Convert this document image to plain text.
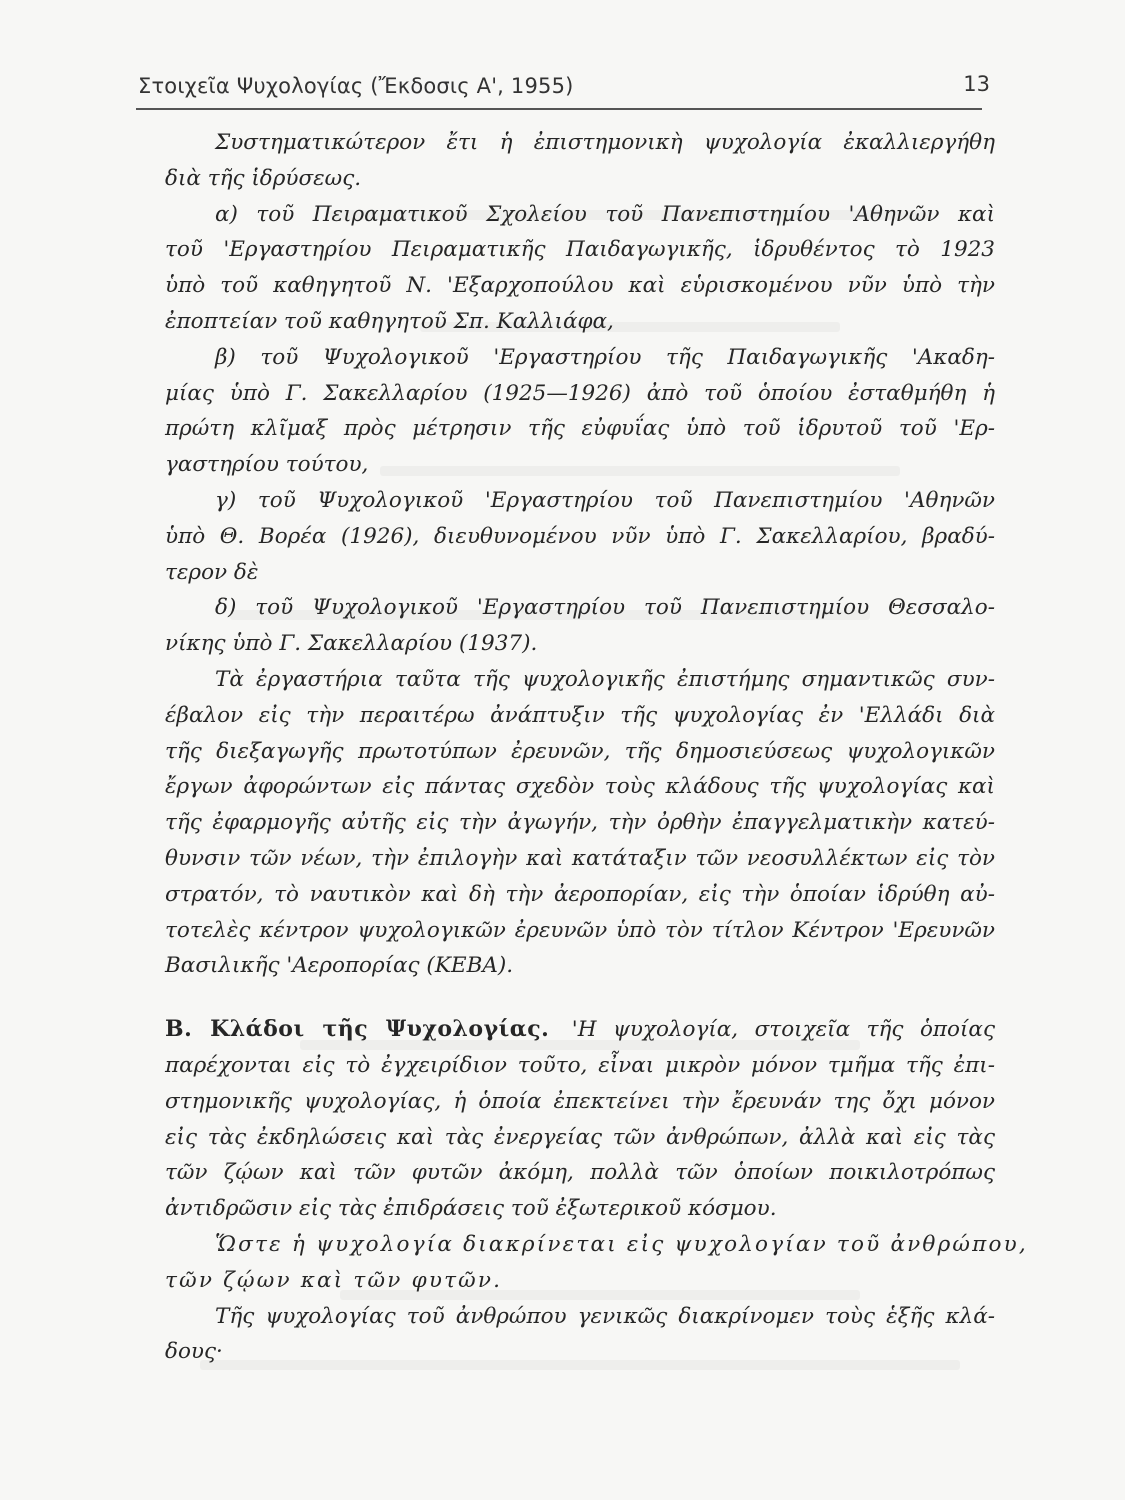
Στοιχεῖα Ψυχολογίας (Ἔκδοσις Α', 1955)	13
Συστηματικώτερον ἔτι ἡ ἐπιστημονικὴ ψυχολογία ἐκαλλιεργήθη
διὰ τῆς ἱδρύσεως.
α) τοῦ Πειραματικοῦ Σχολείου τοῦ Πανεπιστημίου 'Αθηνῶν καὶ
τοῦ 'Εργαστηρίου Πειραματικῆς Παιδαγωγικῆς, ἱδρυθέντος τὸ 1923
ὑπὸ τοῦ καθηγητοῦ Ν. 'Εξαρχοπούλου καὶ εὑρισκομένου νῦν ὑπὸ τὴν
ἐποπτείαν τοῦ καθηγητοῦ Σπ. Καλλιάφα,
β) τοῦ Ψυχολογικοῦ 'Εργαστηρίου τῆς Παιδαγωγικῆς 'Ακαδη-
μίας ὑπὸ Γ. Σακελλαρίου (1925—1926) ἀπὸ τοῦ ὁποίου ἐσταθμήθη ἡ
πρώτη κλῖμαξ πρὸς μέτρησιν τῆς εὐφυΐας ὑπὸ τοῦ ἱδρυτοῦ τοῦ 'Ερ-
γαστηρίου τούτου,
γ) τοῦ Ψυχολογικοῦ 'Εργαστηρίου τοῦ Πανεπιστημίου 'Αθηνῶν
ὑπὸ Θ. Βορέα (1926), διευθυνομένου νῦν ὑπὸ Γ. Σακελλαρίου, βραδύ-
τερον δὲ
δ) τοῦ Ψυχολογικοῦ 'Εργαστηρίου τοῦ Πανεπιστημίου Θεσσαλο-
νίκης ὑπὸ Γ. Σακελλαρίου (1937).
Τὰ ἐργαστήρια ταῦτα τῆς ψυχολογικῆς ἐπιστήμης σημαντικῶς συν-
έβαλον εἰς τὴν περαιτέρω ἀνάπτυξιν τῆς ψυχολογίας ἐν 'Ελλάδι διὰ
τῆς διεξαγωγῆς πρωτοτύπων ἐρευνῶν, τῆς δημοσιεύσεως ψυχολογικῶν
ἔργων ἀφορώντων εἰς πάντας σχεδὸν τοὺς κλάδους τῆς ψυχολογίας καὶ
τῆς ἐφαρμογῆς αὐτῆς εἰς τὴν ἀγωγήν, τὴν ὀρθὴν ἐπαγγελματικὴν κατεύ-
θυνσιν τῶν νέων, τὴν ἐπιλογὴν καὶ κατάταξιν τῶν νεοσυλλέκτων εἰς τὸν
στρατόν, τὸ ναυτικὸν καὶ δὴ τὴν ἀεροπορίαν, εἰς τὴν ὁποίαν ἱδρύθη αὐ-
τοτελὲς κέντρον ψυχολογικῶν ἐρευνῶν ὑπὸ τὸν τίτλον Κέντρον 'Ερευνῶν
Βασιλικῆς 'Αεροπορίας (ΚΕΒΑ).
Β. Κλάδοι τῆς Ψυχολογίας. 'Η ψυχολογία, στοιχεῖα τῆς ὁποίας
παρέχονται εἰς τὸ ἐγχειρίδιον τοῦτο, εἶναι μικρὸν μόνον τμῆμα τῆς ἐπι-
στημονικῆς ψυχολογίας, ἡ ὁποία ἐπεκτείνει τὴν ἔρευνάν της ὄχι μόνον
εἰς τὰς ἐκδηλώσεις καὶ τὰς ἐνεργείας τῶν ἀνθρώπων, ἀλλὰ καὶ εἰς τὰς
τῶν ζῴων καὶ τῶν φυτῶν ἀκόμη, πολλὰ τῶν ὁποίων ποικιλοτρόπως
ἀντιδρῶσιν εἰς τὰς ἐπιδράσεις τοῦ ἐξωτερικοῦ κόσμου.
Ὥστε ἡ ψυχολογία διακρίνεται εἰς ψυχολογίαν τοῦ ἀνθρώπου,
τῶν ζῴων καὶ τῶν φυτῶν.
Τῆς ψυχολογίας τοῦ ἀνθρώπου γενικῶς διακρίνομεν τοὺς ἑξῆς κλά-
δους·
